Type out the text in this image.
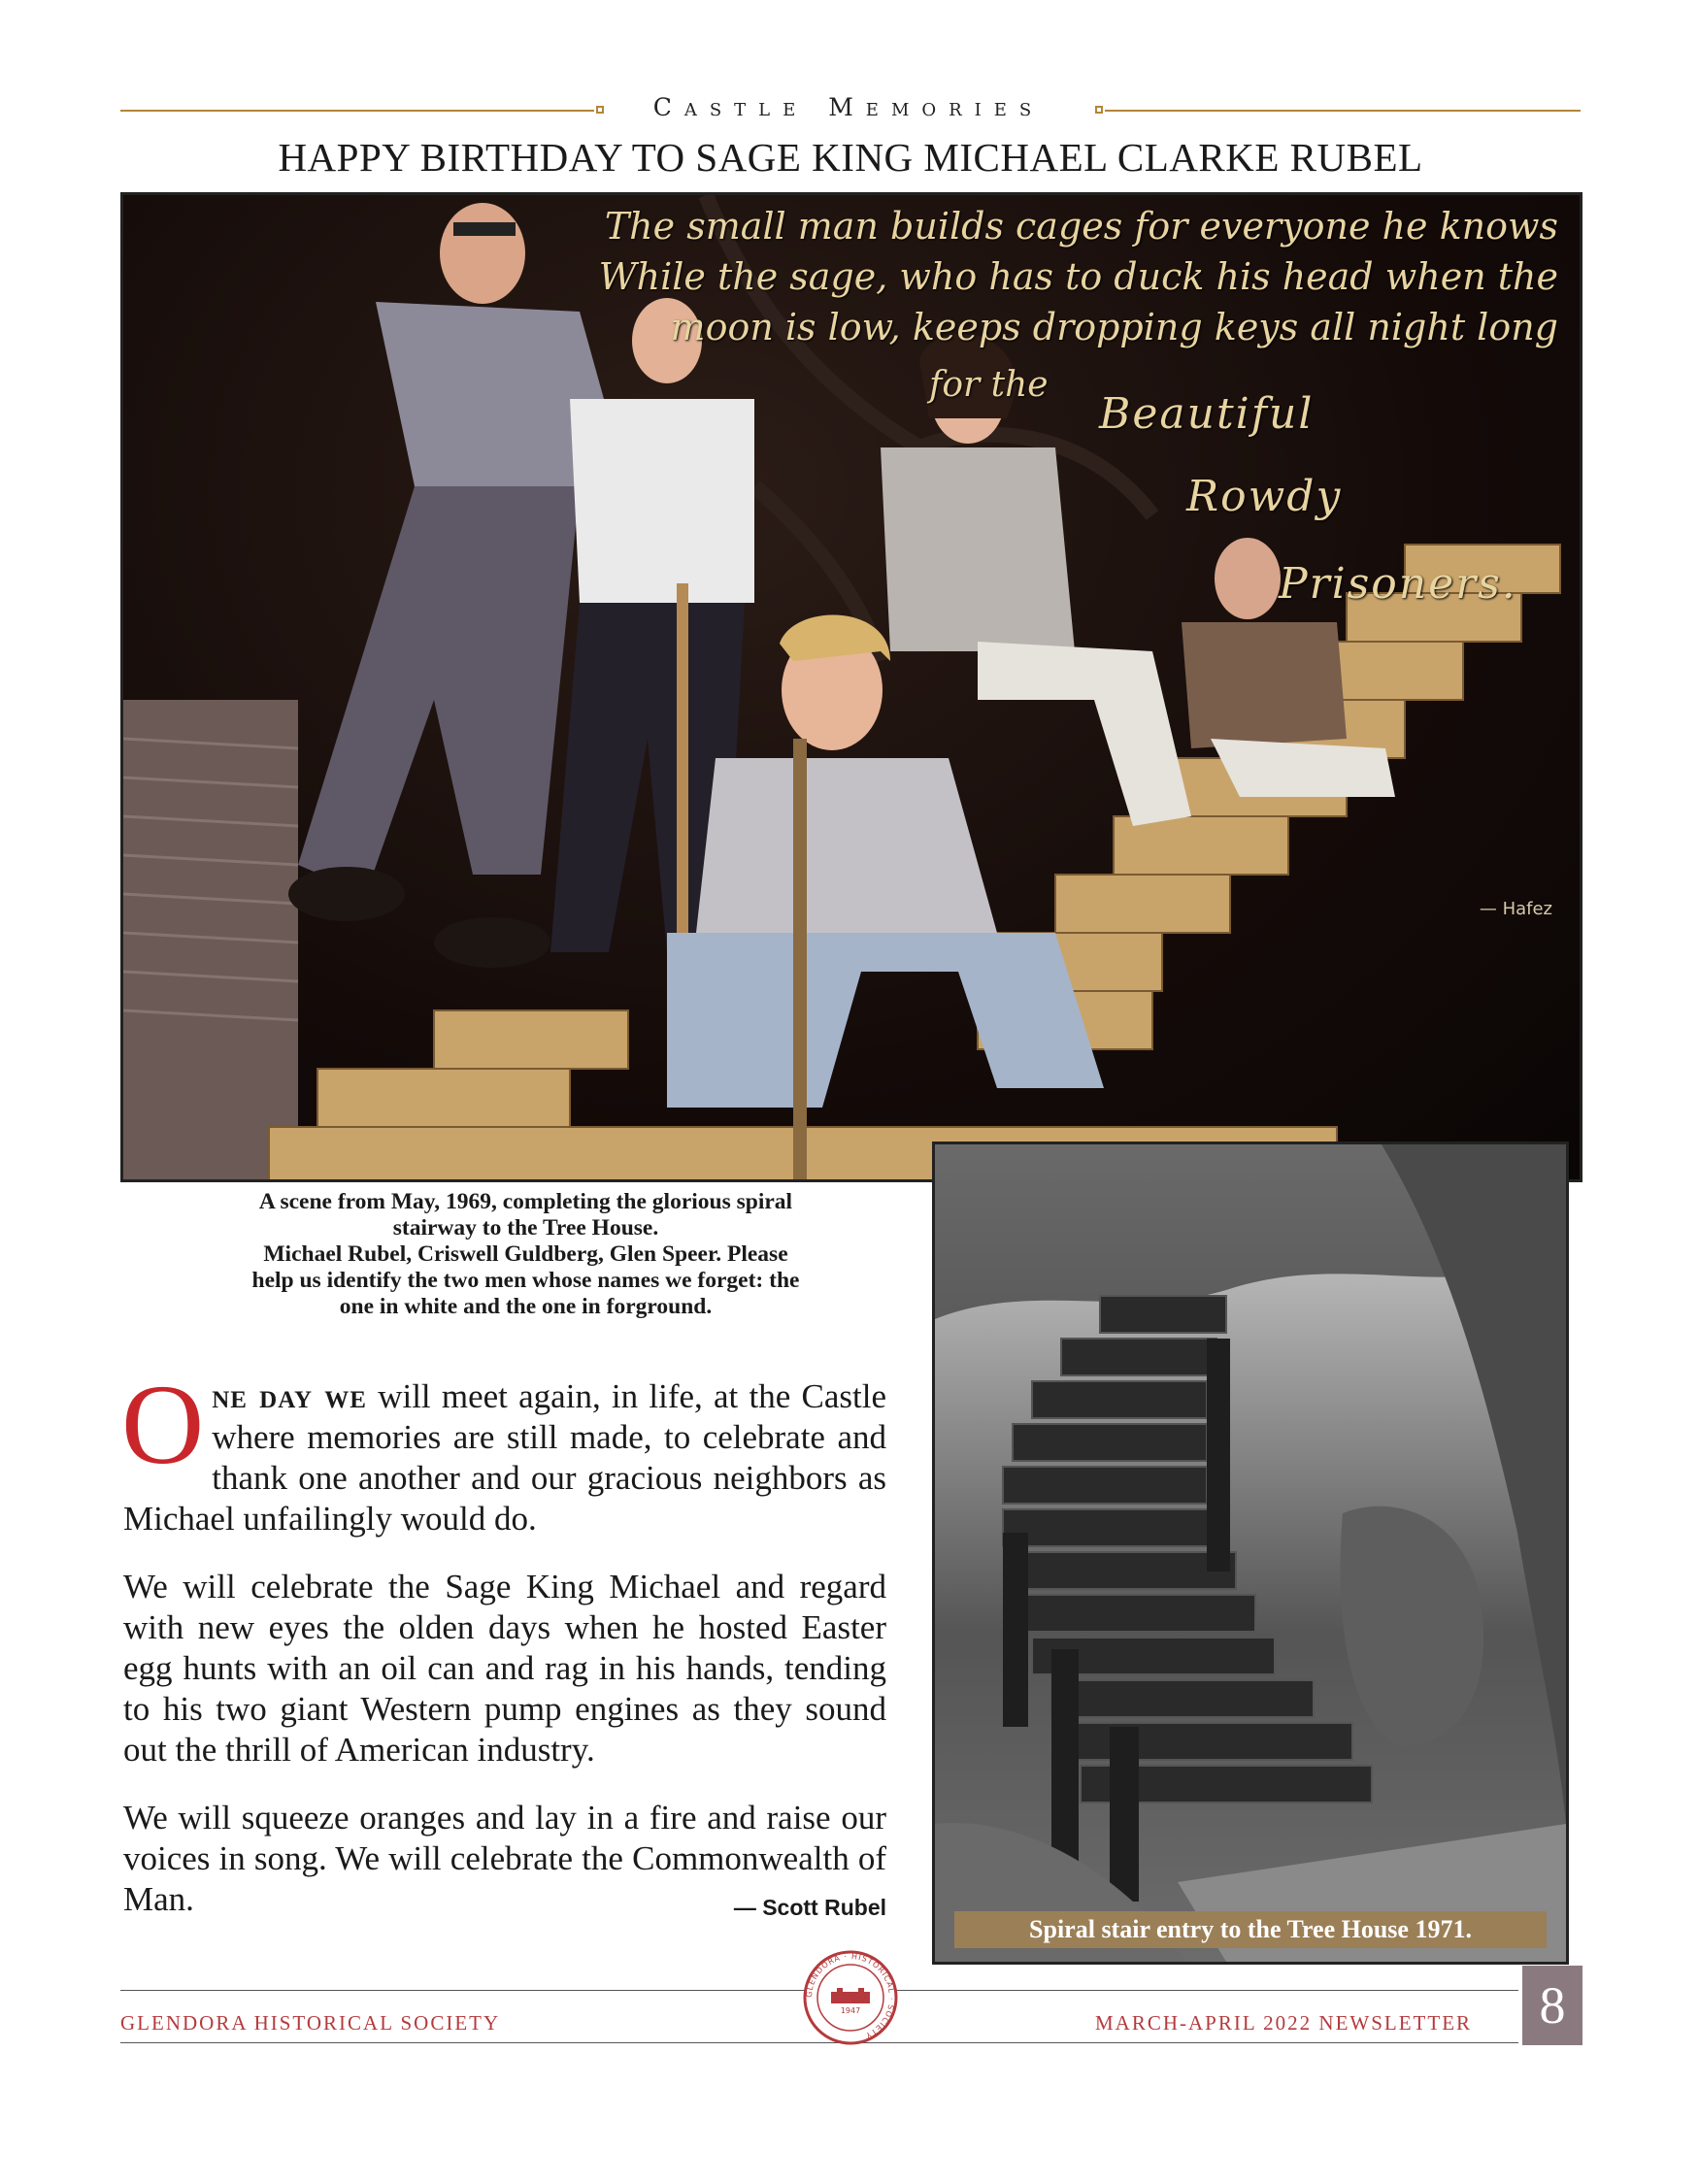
Castle Memories
HAPPY BIRTHDAY TO SAGE KING MICHAEL CLARKE RUBEL
The small man builds cages for everyone he knows
While the sage, who has to duck his head when the
moon is low, keeps dropping keys all night long
for the
Beautiful
Rowdy
Prisoners.
— Hafez
A scene from May, 1969, completing the glorious spiral
stairway to the Tree House.
Michael Rubel, Criswell Guldberg, Glen Speer. Please
help us identify the two men whose names we forget: the
one in white and the one in forground.

One day we will meet again, in life, at the Castle where memories are still made, to celebrate and thank one another and our gracious neighbors as Michael unfailingly would do.

We will celebrate the Sage King Michael and regard with new eyes the olden days when he hosted Easter egg hunts with an oil can and rag in his hands, tending to his two giant Western pump engines as they sound out the thrill of American industry.

We will squeeze oranges and lay in a fire and raise our voices in song. We will celebrate the Commonwealth of Man.	— Scott Rubel

Spiral stair entry to the Tree House 1971.
GLENDORA HISTORICAL SOCIETY	MARCH-APRIL 2022 NEWSLETTER	8
GLENDORA · HISTORICAL · SOCIETY
1947
